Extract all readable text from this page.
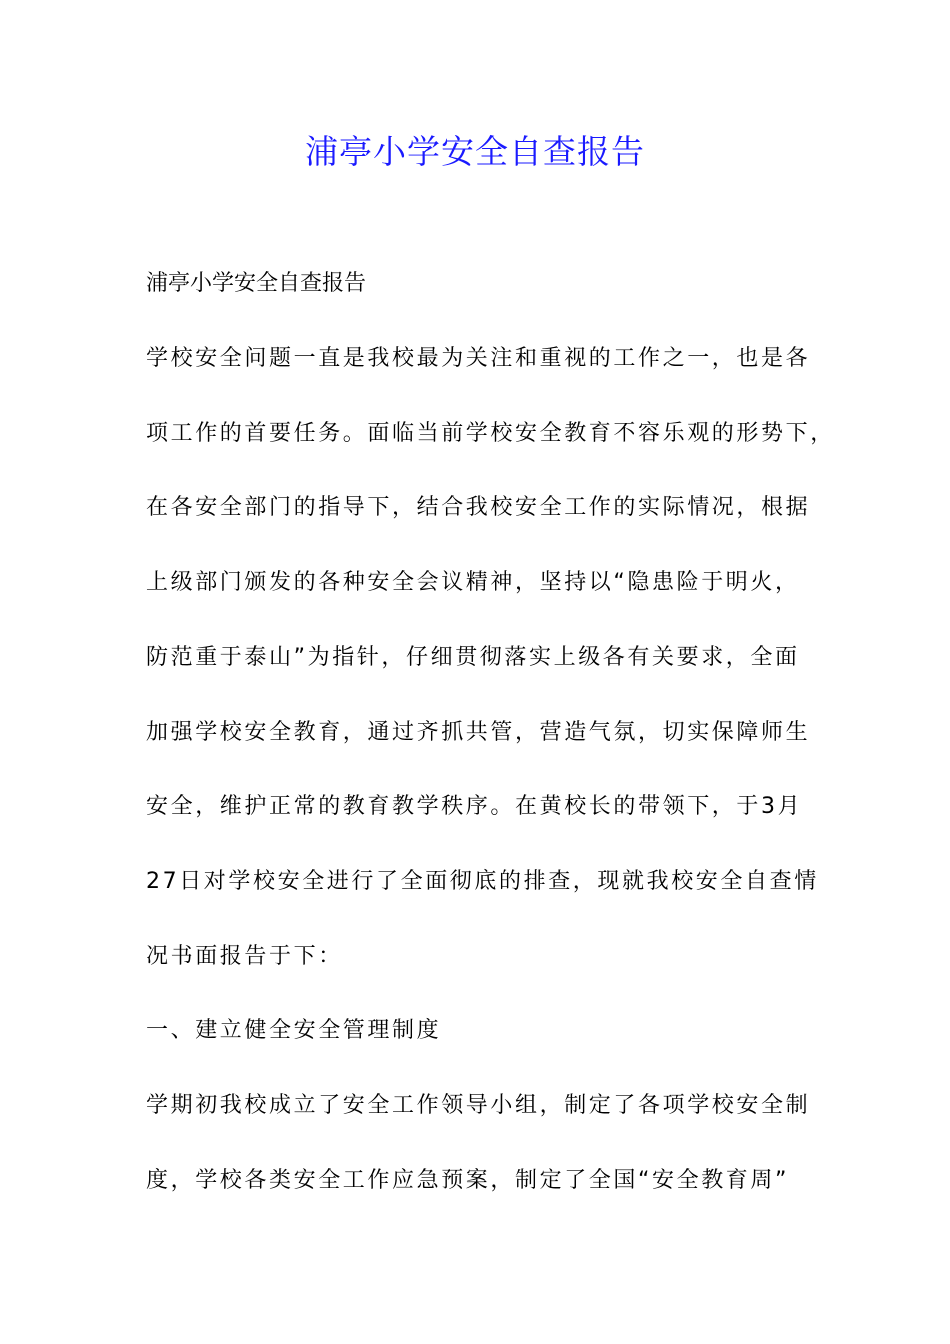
浦亭小学安全自查报告
浦亭小学安全自查报告
学校安全问题一直是我校最为关注和重视的工作之一，也是各
项工作的首要任务。面临当前学校安全教育不容乐观的形势下，
在各安全部门的指导下，结合我校安全工作的实际情况，根据
上级部门颁发的各种安全会议精神，坚持以“隐患险于明火，
防范重于泰山”为指针，仔细贯彻落实上级各有关要求，全面
加强学校安全教育，通过齐抓共管，营造气氛，切实保障师生
安全，维护正常的教育教学秩序。在黄校长的带领下，于3月
27日对学校安全进行了全面彻底的排查，现就我校安全自查情
况书面报告于下：
一、建立健全安全管理制度
学期初我校成立了安全工作领导小组，制定了各项学校安全制
度，学校各类安全工作应急预案，制定了全国“安全教育周”
